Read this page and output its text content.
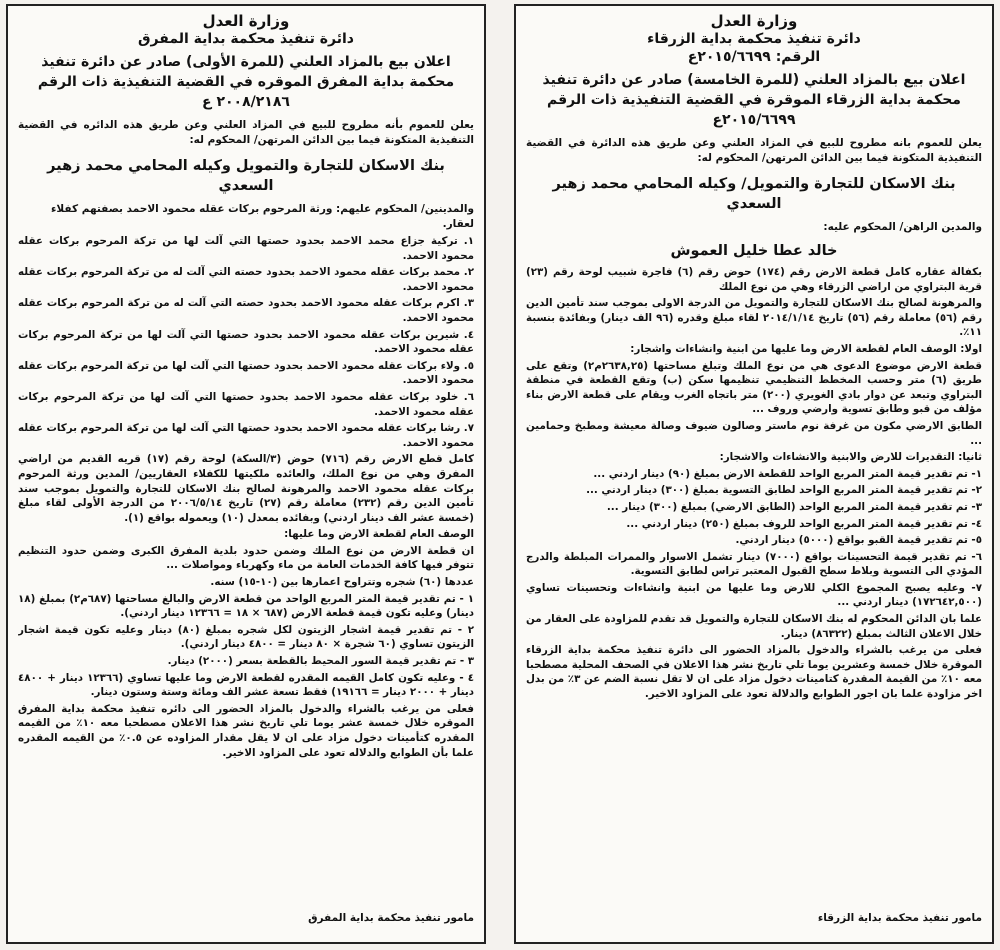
وزارة العدل

دائرة تنفيذ محكمة بداية الزرقاء

الرقم: ٢٠١٥/٦٦٩٩ع

اعلان بيع بالمزاد العلني (للمرة الخامسة) صادر عن دائرة تنفيذ محكمة بداية الزرقاء الموقرة في القضية التنفيذية ذات الرقم ٢٠١٥/٦٦٩٩ع

يعلن للعموم بانه مطروح للبيع في المزاد العلني وعن طريق هذه الدائرة في القضية التنفيذية المتكونة فيما بين الدائن المرتهن/ المحكوم له:

بنك الاسكان للتجارة والتمويل/ وكيله المحامي محمد زهير السعدي

والمدين الراهن/ المحكوم عليه:

خالد عطا خليل العموش

بكفالة عقاره كامل قطعة الارض رقم (١٧٤) حوض رقم (٦) فاجرة شبيب لوحة رقم (٢٣) قرية البتراوي من اراضي الزرقاء وهي من نوع الملك

والمرهونة لصالح بنك الاسكان للتجارة والتمويل من الدرجة الاولى بموجب سند تأمين الدين رقم (٥٦) معاملة رقم (٥٦) تاريخ ٢٠١٤/١/١٤ لقاء مبلغ وقدره (٩٦ الف دينار) وبفائدة بنسبة ١١٪.

اولا: الوصف العام لقطعة الارض وما عليها من ابنية وانشاءات واشجار:

قطعة الارض موضوع الدعوى هي من نوع الملك وتبلغ مساحتها (٢٦٣٨,٢٥م٢) وتقع على طريق (٦) متر وحسب المخطط التنظيمي تنظيمها سكن (ب) وتقع القطعة في منطقة البتراوي وتبعد عن دوار بادي الغويري (٢٠٠) متر باتجاه الغرب ويقام على قطعة الارض بناء مؤلف من قبو وطابق تسوية وارضي وروف ...

الطابق الارضي مكون من غرفة نوم ماستر وصالون ضيوف وصالة معيشة ومطبخ وحمامين ...

ثانيا: التقديرات للارض والابنية والانشاءات والاشجار:

١- تم تقدير قيمة المتر المربع الواحد للقطعة الارض بمبلغ (٩٠) دينار اردني ...

٢- تم تقدير قيمة المتر المربع الواحد لطابق التسوية بمبلغ (٣٠٠) دينار اردني ...

٣- تم تقدير قيمة المتر المربع الواحد (الطابق الارضي) بمبلغ (٣٠٠) دينار ...

٤- تم تقدير قيمة المتر المربع الواحد للروف بمبلغ (٢٥٠) دينار اردني ...

٥- تم تقدير قيمة القبو بواقع (٥٠٠٠) دينار اردني.

٦- تم تقدير قيمة التحسينات بواقع (٧٠٠٠) دينار تشمل الاسوار والممرات المبلطة والدرج المؤدي الى التسوية وبلاط سطح القبول المعتبر تراس لطابق التسوية.

٧- وعليه يصبح المجموع الكلي للارض وما عليها من ابنية وانشاءات وتحسينات تساوي (١٧٢٦٤٢,٥٠٠) دينار اردني ...

علما بان الدائن المحكوم له بنك الاسكان للتجارة والتمويل قد تقدم للمزاودة على العقار من خلال الاعلان الثالث بمبلغ (٨٦٣٢٢) دينار.

فعلى من يرغب بالشراء والدخول بالمزاد الحضور الى دائرة تنفيذ محكمة بداية الزرقاء الموقرة خلال خمسة وعشرين يوما تلي تاريخ نشر هذا الاعلان في الصحف المحلية مصطحبا معه ١٠٪ من القيمة المقدرة كتامينات دخول مزاد على ان لا تقل نسبة الضم عن ٣٪ من بدل اخر مزاودة علما بان اجور الطوابع والدلالة تعود على المزاود الاخير.

مامور تنفيذ محكمة بداية الزرقاء

وزارة العدل

دائرة تنفيذ محكمة بداية المفرق

اعلان بيع بالمزاد العلني (للمرة الأولى) صادر عن دائرة تنفيذ محكمة بداية المفرق الموقره في القضية التنفيذية ذات الرقم ٢٠٠٨/٢١٨٦ ع

يعلن للعموم بأنه مطروح للبيع في المزاد العلني وعن طريق هذه الدائره في القضية التنفيذية المتكونة فيما بين الدائن المرتهن/ المحكوم له:

بنك الاسكان للتجارة والتمويل وكيله المحامي محمد زهير السعدي

والمدينين/ المحكوم عليهم: ورثة المرحوم بركات عقله محمود الاحمد بصفتهم كفلاء لعقار.

١. تركية جزاع محمد الاحمد بحدود حصتها التي آلت لها من تركة المرحوم بركات عقله محمود الاحمد.

٢. محمد بركات عقله محمود الاحمد بحدود حصته التي آلت له من تركة المرحوم بركات عقله محمود الاحمد.

٣. اكرم بركات عقله محمود الاحمد بحدود حصته التي آلت له من تركة المرحوم بركات عقله محمود الاحمد.

٤. شيرين بركات عقله محمود الاحمد بحدود حصتها التي آلت لها من تركة المرحوم بركات عقله محمود الاحمد.

٥. ولاء بركات عقله محمود الاحمد بحدود حصتها التي آلت لها من تركة المرحوم بركات عقله محمود الاحمد.

٦. خلود بركات عقله محمود الاحمد بحدود حصتها التي آلت لها من تركة المرحوم بركات عقله محمود الاحمد.

٧. رشا بركات عقله محمود الاحمد بحدود حصتها التي آلت لها من تركة المرحوم بركات عقله محمود الاحمد.

كامل قطع الارض رقم (٧١٦) حوض (٣/السكة) لوحة رقم (١٧) قريه القديم من اراضي المفرق وهي من نوع الملك، والعائده ملكيتها للكفلاء العقاريين/ المدين ورثة المرحوم بركات عقله محمود الاحمد والمرهونة لصالح بنك الاسكان للتجارة والتمويل بموجب سند تأمين الدين رقم (٢٣٢) معاملة رقم (٢٧) تاريخ ٢٠٠٦/٥/١٤ من الدرجة الأولى لقاء مبلغ (خمسة عشر الف دينار اردني) وبفائده بمعدل (١٠) ويعموله بواقع (١).

الوصف العام لقطعة الارض وما عليها:

ان قطعة الارض من نوع الملك وضمن حدود بلدية المفرق الكبرى وضمن حدود التنظيم تتوفر فيها كافة الخدمات العامة من ماء وكهرباء ومواصلات ...

عددها (٦٠) شجره وتتراوح اعمارها بين (١٠-١٥) سنه.

١ - تم تقدير قيمة المتر المربع الواحد من قطعة الارض والبالغ مساحتها (٦٨٧م٢) بمبلغ (١٨ دينار) وعليه تكون قيمة قطعة الارض (٦٨٧ × ١٨ = ١٢٣٦٦ دينار اردني).

٢ - تم تقدير قيمة اشجار الزيتون لكل شجره بمبلغ (٨٠) دينار وعليه تكون قيمة اشجار الزيتون تساوي (٦٠ شجرة × ٨٠ دينار = ٤٨٠٠ دينار اردني).

٣ - تم تقدير قيمة السور المحيط بالقطعة بسعر (٢٠٠٠) دينار.

٤ - وعليه تكون كامل القيمه المقدره لقطعة الارض وما عليها تساوي (١٢٣٦٦ دينار + ٤٨٠٠ دينار + ٢٠٠٠ دينار = ١٩١٦٦) فقط تسعة عشر الف ومائة وستة وستون دينار.

فعلى من يرغب بالشراء والدخول بالمزاد الحضور الى دائره تنفيذ محكمة بداية المفرق الموقره خلال خمسة عشر يوما تلي تاريخ نشر هذا الاعلان مصطحبا معه ١٠٪ من القيمه المقدره كتأمينات دخول مزاد على ان لا يقل مقدار المزاوده عن ٠.٥٪ من القيمه المقدره علما بأن الطوابع والدلاله تعود على المزاود الاخير.

مامور تنفيذ محكمة بداية المفرق
